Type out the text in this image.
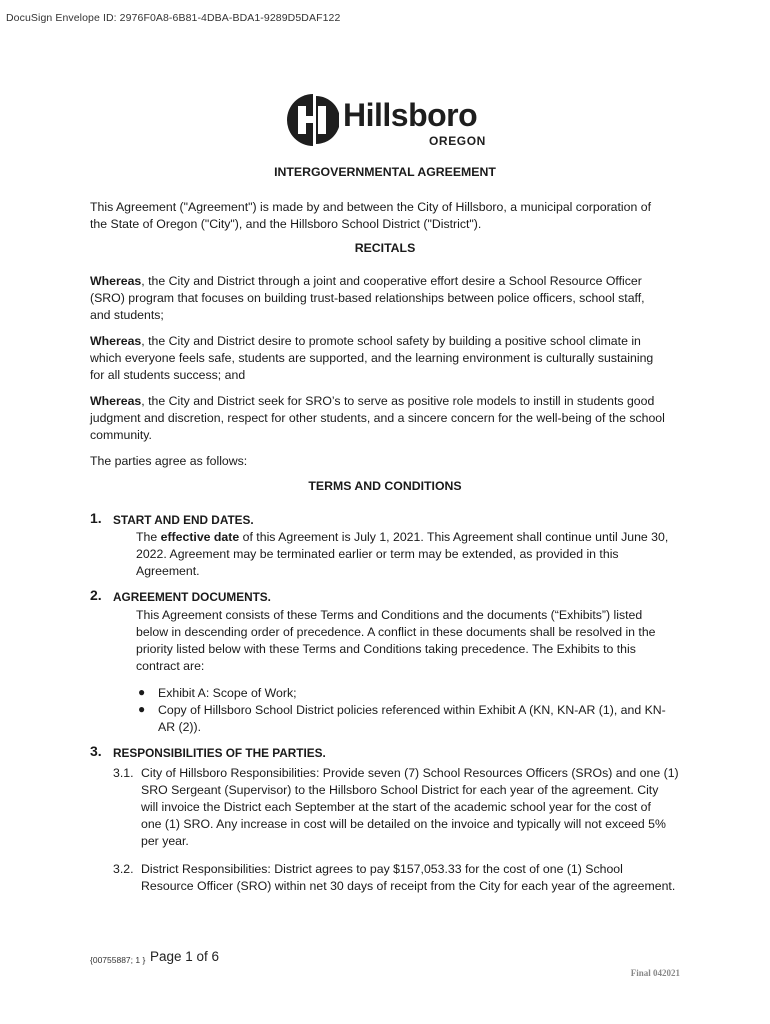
DocuSign Envelope ID: 2976F0A8-6B81-4DBA-BDA1-9289D5DAF122
Hillsboro
OREGON
INTERGOVERNMENTAL AGREEMENT
This Agreement ("Agreement") is made by and between the City of Hillsboro, a municipal corporation of
the State of Oregon ("City"), and the Hillsboro School District ("District").
RECITALS
Whereas, the City and District through a joint and cooperative effort desire a School Resource Officer
(SRO) program that focuses on building trust-based relationships between police officers, school staff,
and students;
Whereas, the City and District desire to promote school safety by building a positive school climate in
which everyone feels safe, students are supported, and the learning environment is culturally sustaining
for all students success; and
Whereas, the City and District seek for SRO’s to serve as positive role models to instill in students good
judgment and discretion, respect for other students, and a sincere concern for the well-being of the school
community.
The parties agree as follows:
TERMS AND CONDITIONS
1. START AND END DATES.
The effective date of this Agreement is July 1, 2021. This Agreement shall continue until June 30,
2022. Agreement may be terminated earlier or term may be extended, as provided in this
Agreement.
2. AGREEMENT DOCUMENTS.
This Agreement consists of these Terms and Conditions and the documents (“Exhibits”) listed
below in descending order of precedence. A conflict in these documents shall be resolved in the
priority listed below with these Terms and Conditions taking precedence. The Exhibits to this
contract are:
● Exhibit A: Scope of Work;
● Copy of Hillsboro School District policies referenced within Exhibit A (KN, KN-AR (1), and KN-
AR (2)).
3. RESPONSIBILITIES OF THE PARTIES.
3.1. City of Hillsboro Responsibilities: Provide seven (7) School Resources Officers (SROs) and one (1)
SRO Sergeant (Supervisor) to the Hillsboro School District for each year of the agreement. City
will invoice the District each September at the start of the academic school year for the cost of
one (1) SRO. Any increase in cost will be detailed on the invoice and typically will not exceed 5%
per year.
3.2. District Responsibilities: District agrees to pay $157,053.33 for the cost of one (1) School
Resource Officer (SRO) within net 30 days of receipt from the City for each year of the agreement.
{00755887; 1 } Page 1 of 6
Final 042021
